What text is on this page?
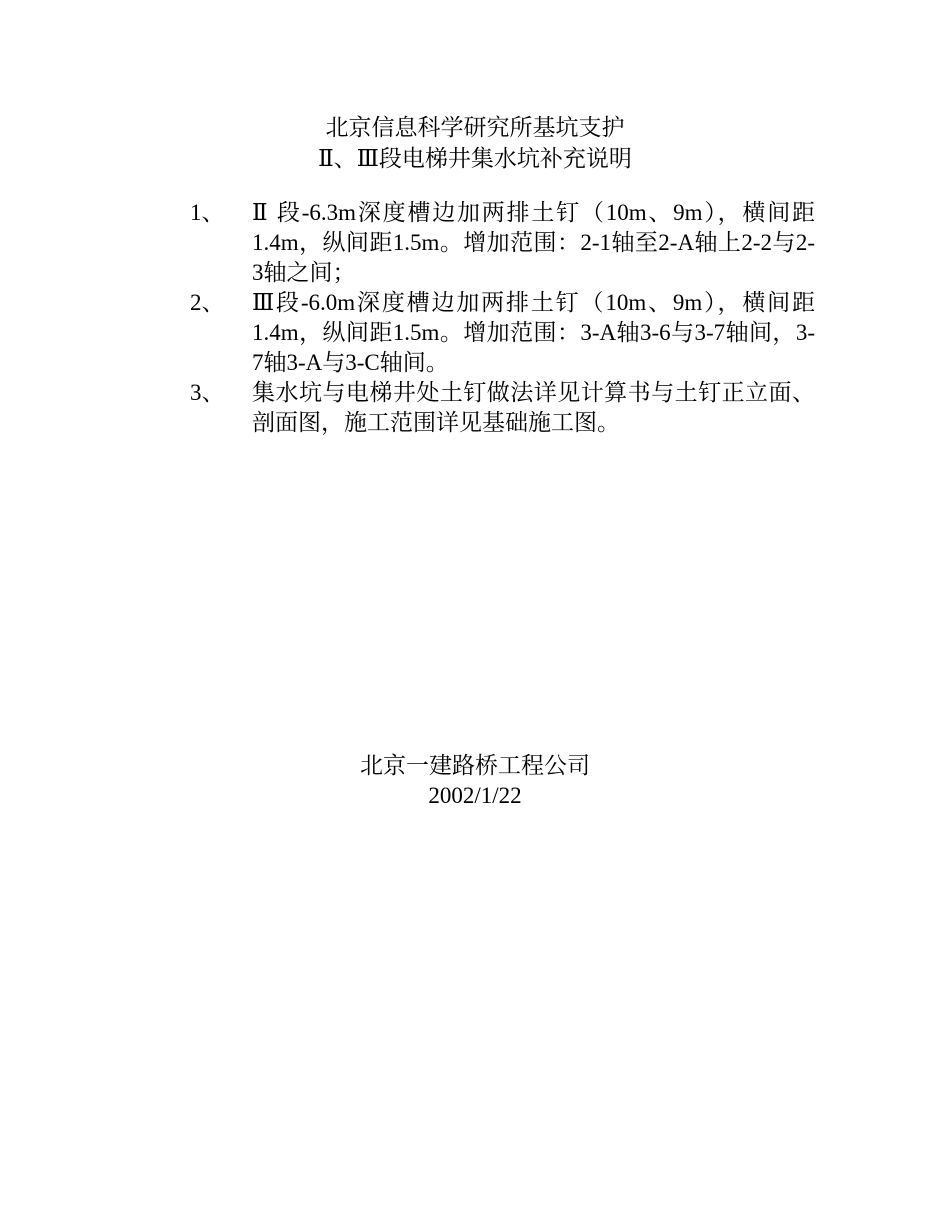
北京信息科学研究所基坑支护
Ⅱ、Ⅲ段电梯井集水坑补充说明
1、	Ⅱ 段-6.3m深度槽边加两排土钉（10m、9m），横间距1.4m，纵间距1.5m。增加范围：2-1轴至2-A轴上2-2与2-3轴之间；
2、	Ⅲ段-6.0m深度槽边加两排土钉（10m、9m），横间距1.4m，纵间距1.5m。增加范围：3-A轴3-6与3-7轴间，3-7轴3-A与3-C轴间。
3、	集水坑与电梯井处土钉做法详见计算书与土钉正立面、剖面图，施工范围详见基础施工图。
北京一建路桥工程公司
2002/1/22
